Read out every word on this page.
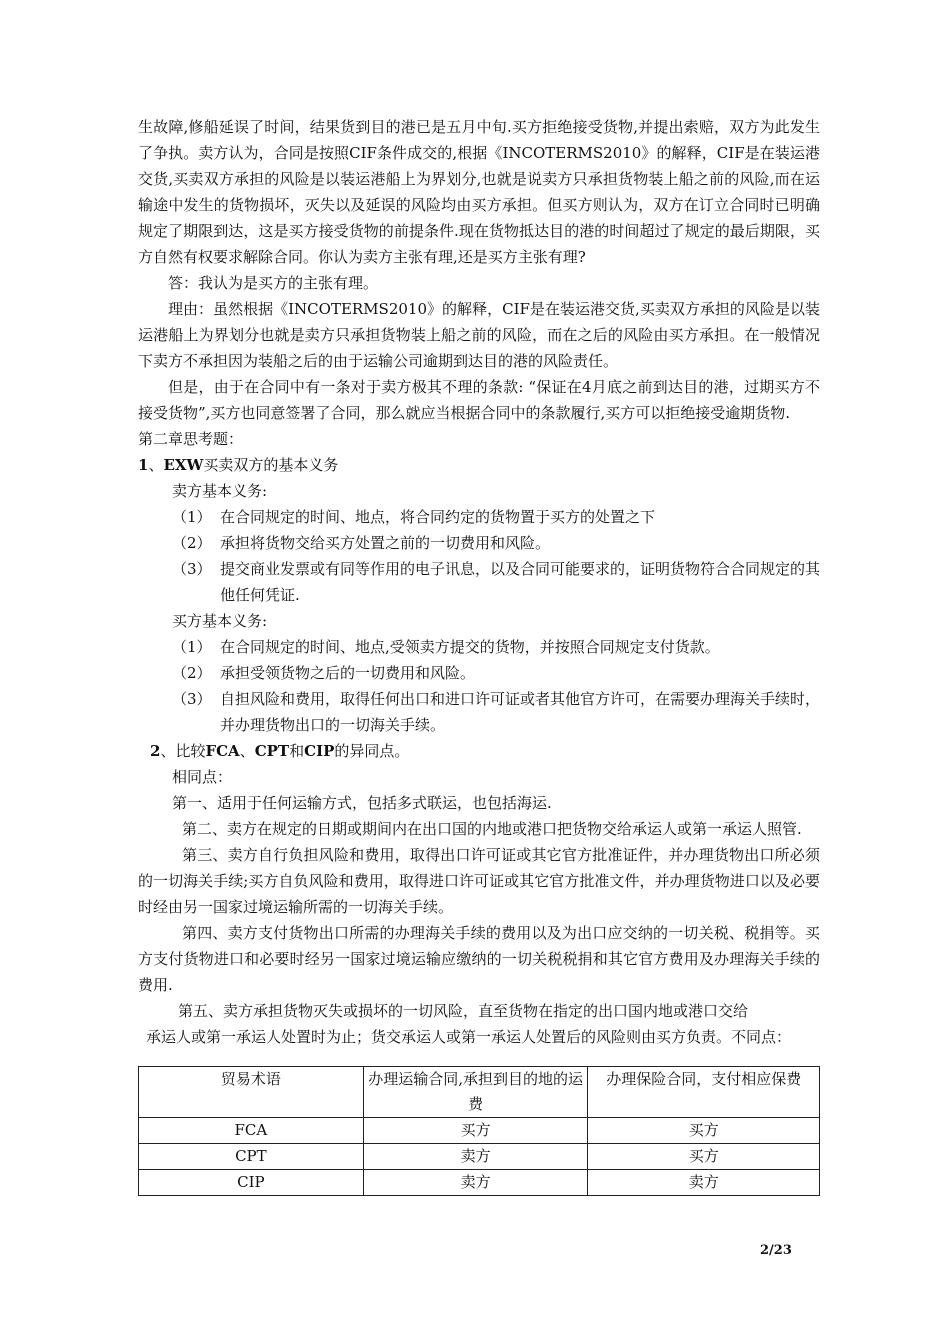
生故障,修船延误了时间，结果货到目的港已是五月中旬.买方拒绝接受货物,并提出索赔，双方为此发生了争执。卖方认为，合同是按照CIF条件成交的,根据《INCOTERMS2010》的解释，CIF是在装运港交货,买卖双方承担的风险是以装运港船上为界划分,也就是说卖方只承担货物装上船之前的风险,而在运输途中发生的货物损坏，灭失以及延误的风险均由买方承担。但买方则认为，双方在订立合同时已明确规定了期限到达，这是买方接受货物的前提条件.现在货物抵达目的港的时间超过了规定的最后期限，买方自然有权要求解除合同。你认为卖方主张有理,还是买方主张有理?

答：我认为是买方的主张有理。

理由：虽然根据《INCOTERMS2010》的解释，CIF是在装运港交货,买卖双方承担的风险是以装运港船上为界划分也就是卖方只承担货物装上船之前的风险，而在之后的风险由买方承担。在一般情况下卖方不承担因为装船之后的由于运输公司逾期到达目的港的风险责任。

但是，由于在合同中有一条对于卖方极其不理的条款: “保证在4月底之前到达目的港，过期买方不接受货物”,买方也同意签署了合同，那么就应当根据合同中的条款履行,买方可以拒绝接受逾期货物.

第二章思考题：

1、EXW买卖双方的基本义务

卖方基本义务:

（1） 在合同规定的时间、地点，将合同约定的货物置于买方的处置之下
（2） 承担将货物交给买方处置之前的一切费用和风险。
（3） 提交商业发票或有同等作用的电子讯息，以及合同可能要求的，证明货物符合合同规定的其他任何凭证.

买方基本义务:

（1） 在合同规定的时间、地点,受领卖方提交的货物，并按照合同规定支付货款。
（2） 承担受领货物之后的一切费用和风险。
（3） 自担风险和费用，取得任何出口和进口许可证或者其他官方许可，在需要办理海关手续时，并办理货物出口的一切海关手续。

2、比较FCA、CPT和CIP的异同点。

相同点：

第一、适用于任何运输方式，包括多式联运，也包括海运.

第二、卖方在规定的日期或期间内在出口国的内地或港口把货物交给承运人或第一承运人照管.

第三、卖方自行负担风险和费用，取得出口许可证或其它官方批准证件，并办理货物出口所必须的一切海关手续;买方自负风险和费用，取得进口许可证或其它官方批准文件，并办理货物进口以及必要时经由另一国家过境运输所需的一切海关手续。

第四、卖方支付货物出口所需的办理海关手续的费用以及为出口应交纳的一切关税、税捐等。买方支付货物进口和必要时经另一国家过境运输应缴纳的一切关税税捐和其它官方费用及办理海关手续的费用.

第五、卖方承担货物灭失或损坏的一切风险，直至货物在指定的出口国内地或港口交给

承运人或第一承运人处置时为止；货交承运人或第一承运人处置后的风险则由买方负责。不同点：

贸易术语	办理运输合同,承担到目的地的运费	办理保险合同，支付相应保费
FCA	买方	买方
CPT	卖方	买方
CIP	卖方	卖方
2/23
